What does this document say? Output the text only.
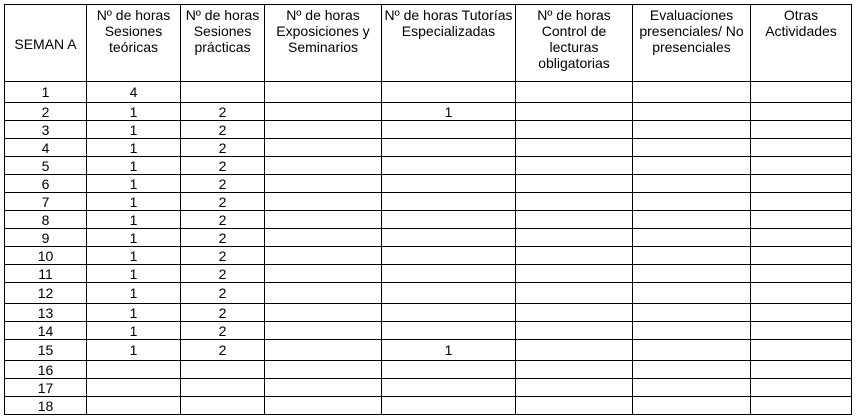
SEMAN A	Nº de horas Sesiones teóricas	Nº de horas Sesiones prácticas	Nº de horas Exposiciones y Seminarios	Nº de horas Tutorías Especializadas	Nº de horas Control de lecturas obligatorias	Evaluaciones presenciales/ No presenciales	Otras Actividades
1	4						
2	1	2		1			
3	1	2					
4	1	2					
5	1	2					
6	1	2					
7	1	2					
8	1	2					
9	1	2					
10	1	2					
11	1	2					
12	1	2					
13	1	2					
14	1	2					
15	1	2		1			
16							
17							
18							
